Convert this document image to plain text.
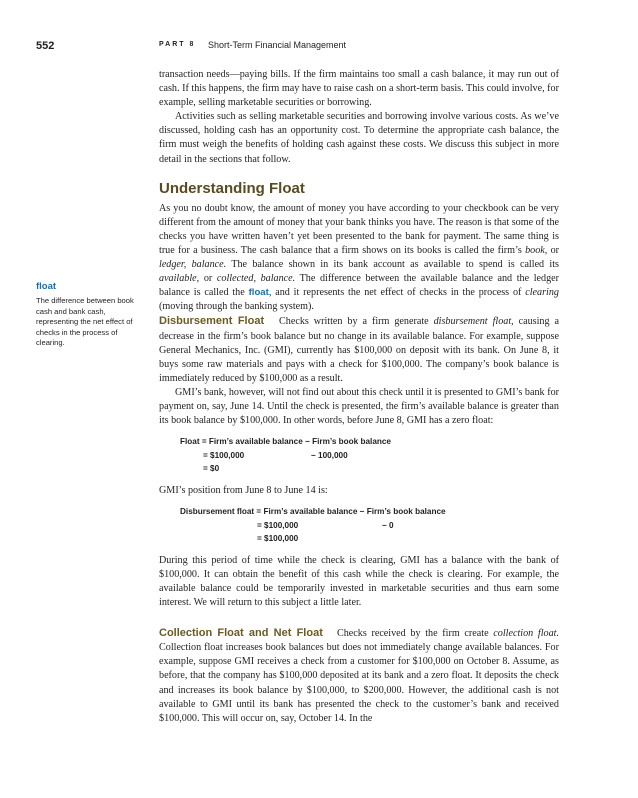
552	PART 8 Short-Term Financial Management
float
The difference between book cash and bank cash, representing the net effect of checks in the process of clearing.

transaction needs—paying bills. If the firm maintains too small a cash balance, it may run out of cash. If this happens, the firm may have to raise cash on a short-term basis. This could involve, for example, selling marketable securities or borrowing.

Activities such as selling marketable securities and borrowing involve various costs. As we’ve discussed, holding cash has an opportunity cost. To determine the appropriate cash balance, the firm must weigh the benefits of holding cash against these costs. We discuss this subject in more detail in the sections that follow.

Understanding Float

As you no doubt know, the amount of money you have according to your checkbook can be very different from the amount of money that your bank thinks you have. The reason is that some of the checks you have written haven’t yet been presented to the bank for payment. The same thing is true for a business. The cash balance that a firm shows on its books is called the firm’s book, or ledger, balance. The balance shown in its bank account as available to spend is called its available, or collected, balance. The difference between the available balance and the ledger balance is called the float, and it represents the net effect of checks in the process of clearing (moving through the banking system).

Disbursement Float Checks written by a firm generate disbursement float, causing a decrease in the firm’s book balance but no change in its available balance. For example, suppose General Mechanics, Inc. (GMI), currently has $100,000 on deposit with its bank. On June 8, it buys some raw materials and pays with a check for $100,000. The company’s book balance is immediately reduced by $100,000 as a result.

GMI’s bank, however, will not find out about this check until it is presented to GMI’s bank for payment on, say, June 14. Until the check is presented, the firm’s available balance is greater than its book balance by $100,000. In other words, before June 8, GMI has a zero float:

Float = Firm’s available balance − Firm’s book balance
= $100,000	− 100,000
= $0

GMI’s position from June 8 to June 14 is:

Disbursement float = Firm’s available balance − Firm’s book balance
= $100,000	− 0
= $100,000

During this period of time while the check is clearing, GMI has a balance with the bank of $100,000. It can obtain the benefit of this cash while the check is clearing. For example, the available balance could be temporarily invested in marketable securities and thus earn some interest. We will return to this subject a little later.

Collection Float and Net Float Checks received by the firm create collection float. Collection float increases book balances but does not immediately change available balances. For example, suppose GMI receives a check from a customer for $100,000 on October 8. Assume, as before, that the company has $100,000 deposited at its bank and a zero float. It deposits the check and increases its book balance by $100,000, to $200,000. However, the additional cash is not available to GMI until its bank has presented the check to the customer’s bank and received $100,000. This will occur on, say, October 14. In the
